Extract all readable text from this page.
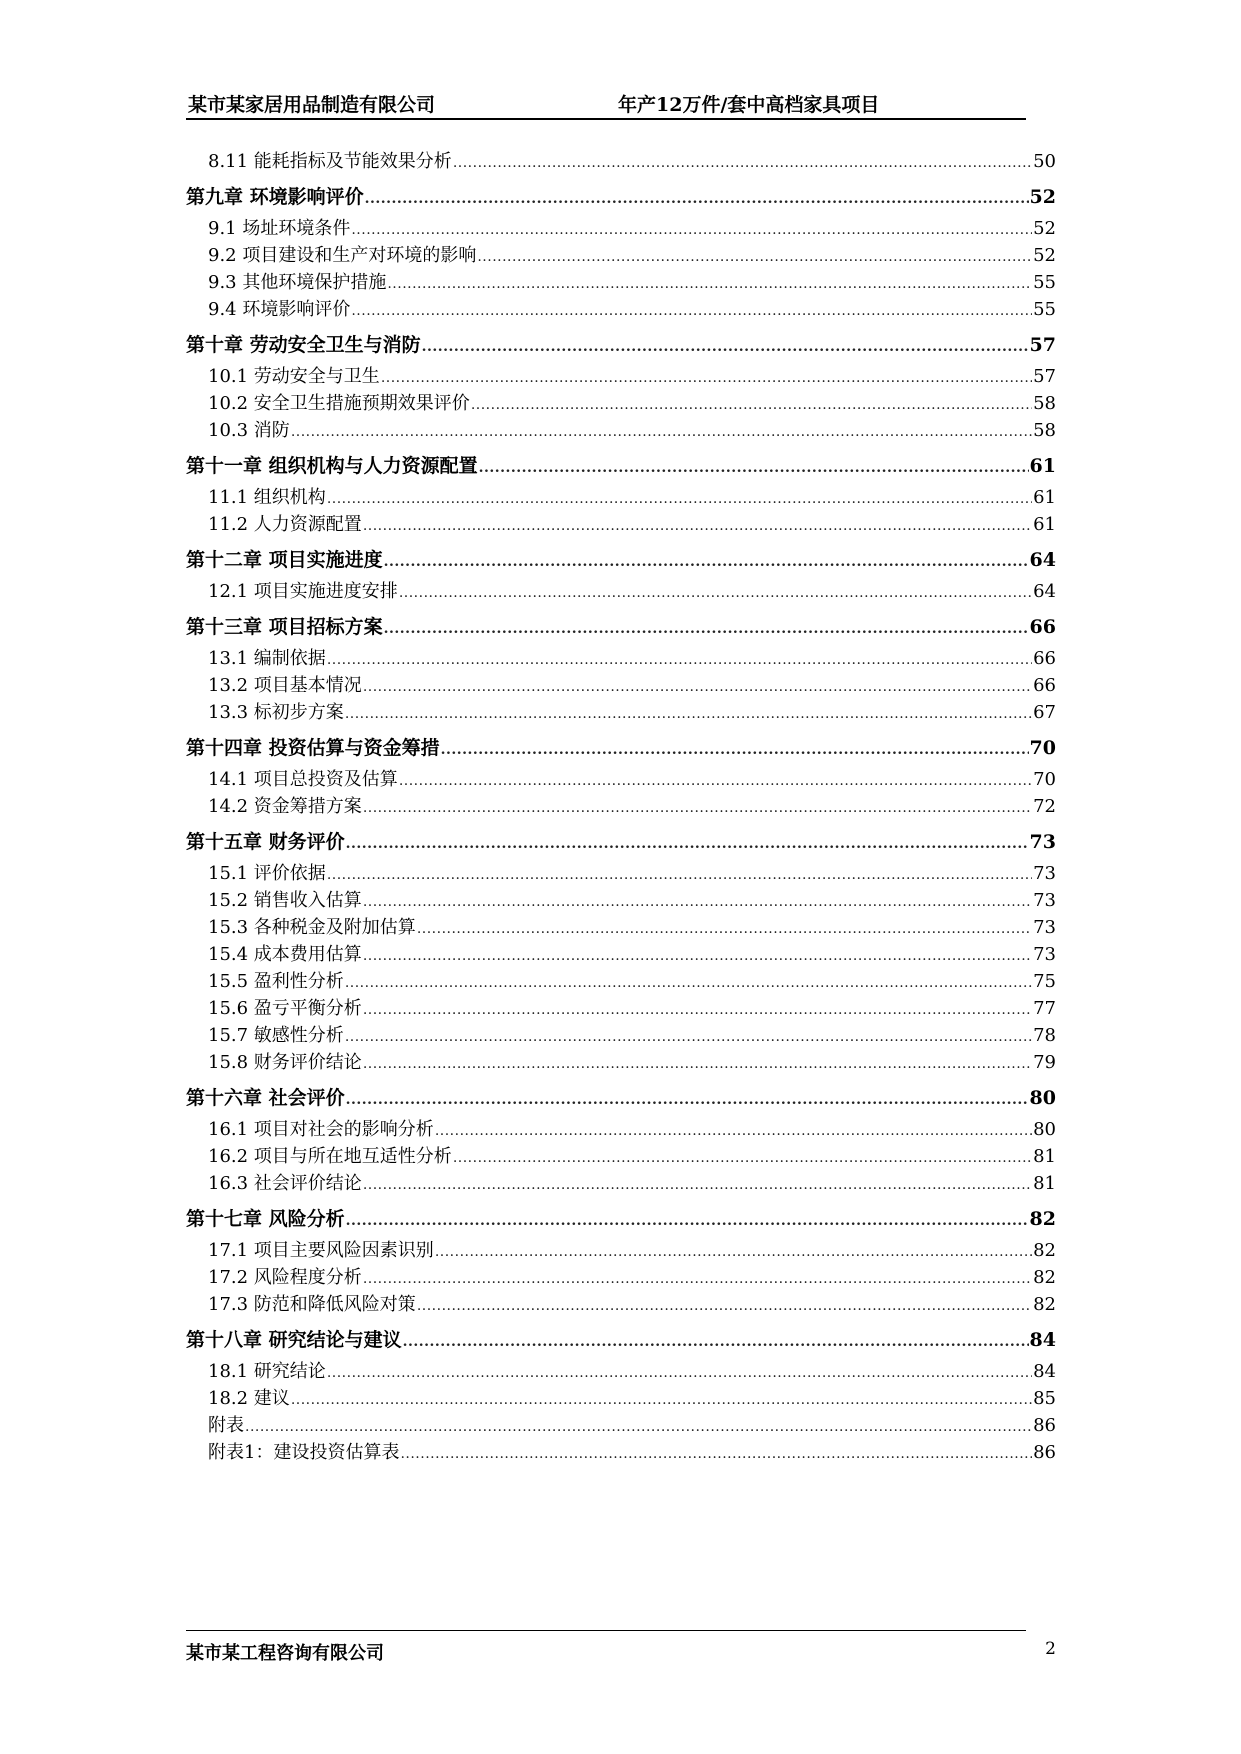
某市某家居用品制造有限公司	年产12万件/套中高档家具项目
8.11 能耗指标及节能效果分析 .....	50
第九章 环境影响评价 .....	52
9.1 场址环境条件 .....	52
9.2 项目建设和生产对环境的影响 .....	52
9.3 其他环境保护措施 .....	55
9.4 环境影响评价 .....	55
第十章 劳动安全卫生与消防 .....	57
10.1 劳动安全与卫生 .....	57
10.2 安全卫生措施预期效果评价 .....	58
10.3 消防 .....	58
第十一章 组织机构与人力资源配置 .....	61
11.1 组织机构 .....	61
11.2 人力资源配置 .....	61
第十二章 项目实施进度 .....	64
12.1 项目实施进度安排 .....	64
第十三章 项目招标方案 .....	66
13.1 编制依据 .....	66
13.2 项目基本情况 .....	66
13.3 标初步方案 .....	67
第十四章 投资估算与资金筹措 .....	70
14.1 项目总投资及估算 .....	70
14.2 资金筹措方案 .....	72
第十五章 财务评价 .....	73
15.1 评价依据 .....	73
15.2 销售收入估算 .....	73
15.3 各种税金及附加估算 .....	73
15.4 成本费用估算 .....	73
15.5 盈利性分析 .....	75
15.6 盈亏平衡分析 .....	77
15.7 敏感性分析 .....	78
15.8 财务评价结论 .....	79
第十六章 社会评价 .....	80
16.1 项目对社会的影响分析 .....	80
16.2 项目与所在地互适性分析 .....	81
16.3 社会评价结论 .....	81
第十七章 风险分析 .....	82
17.1 项目主要风险因素识别 .....	82
17.2 风险程度分析 .....	82
17.3 防范和降低风险对策 .....	82
第十八章 研究结论与建议 .....	84
18.1 研究结论 .....	84
18.2 建议 .....	85
附表 .....	86
附表1：建设投资估算表 .....	86
某市某工程咨询有限公司	2
